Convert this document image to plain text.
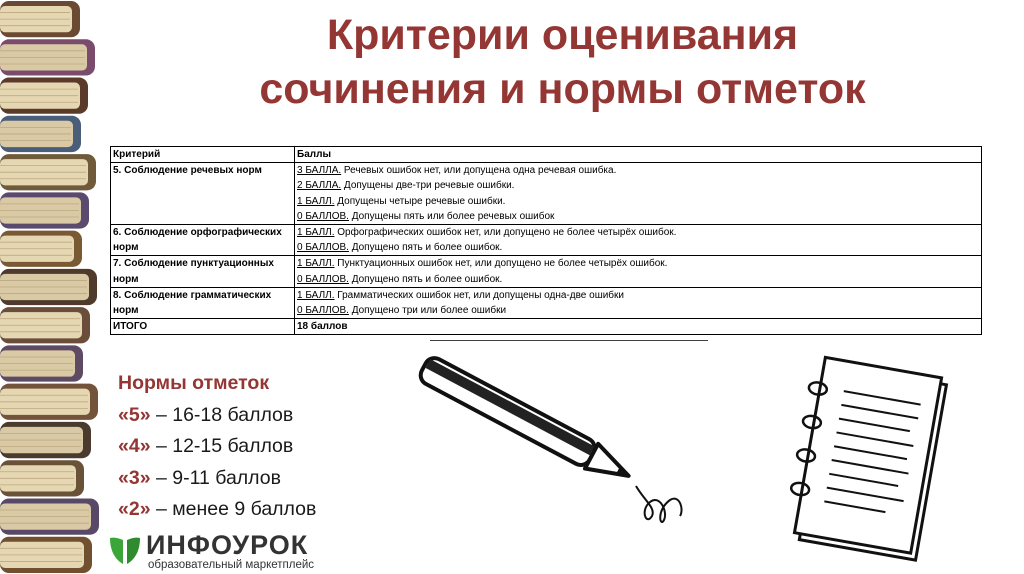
Критерии оценивания
сочинения и нормы отметок
Критерий	Баллы
5. Соблюдение речевых норм	3 БАЛЛА. Речевых ошибок нет, или допущена одна речевая ошибка.
2 БАЛЛА. Допущены две-три речевые ошибки.
1 БАЛЛ. Допущены четыре речевые ошибки.
0 БАЛЛОВ. Допущены пять или более речевых ошибок

6. Соблюдение орфографических норм	1 БАЛЛ. Орфографических ошибок нет, или допущено не более четырёх ошибок.
0 БАЛЛОВ. Допущено пять и более ошибок.

7. Соблюдение пунктуационных норм	1 БАЛЛ. Пунктуационных ошибок нет, или допущено не более четырёх ошибок.
0 БАЛЛОВ. Допущено пять и более ошибок.

8. Соблюдение грамматических норм	1 БАЛЛ. Грамматических ошибок нет, или допущены одна-две ошибки
0 БАЛЛОВ. Допущено три или более ошибки

ИТОГО	18 баллов
Нормы отметок
«5» – 16-18 баллов
«4» – 12-15 баллов
«3» – 9-11 баллов
«2» – менее 9 баллов
ИНФОУРОК
образовательный маркетплейс
